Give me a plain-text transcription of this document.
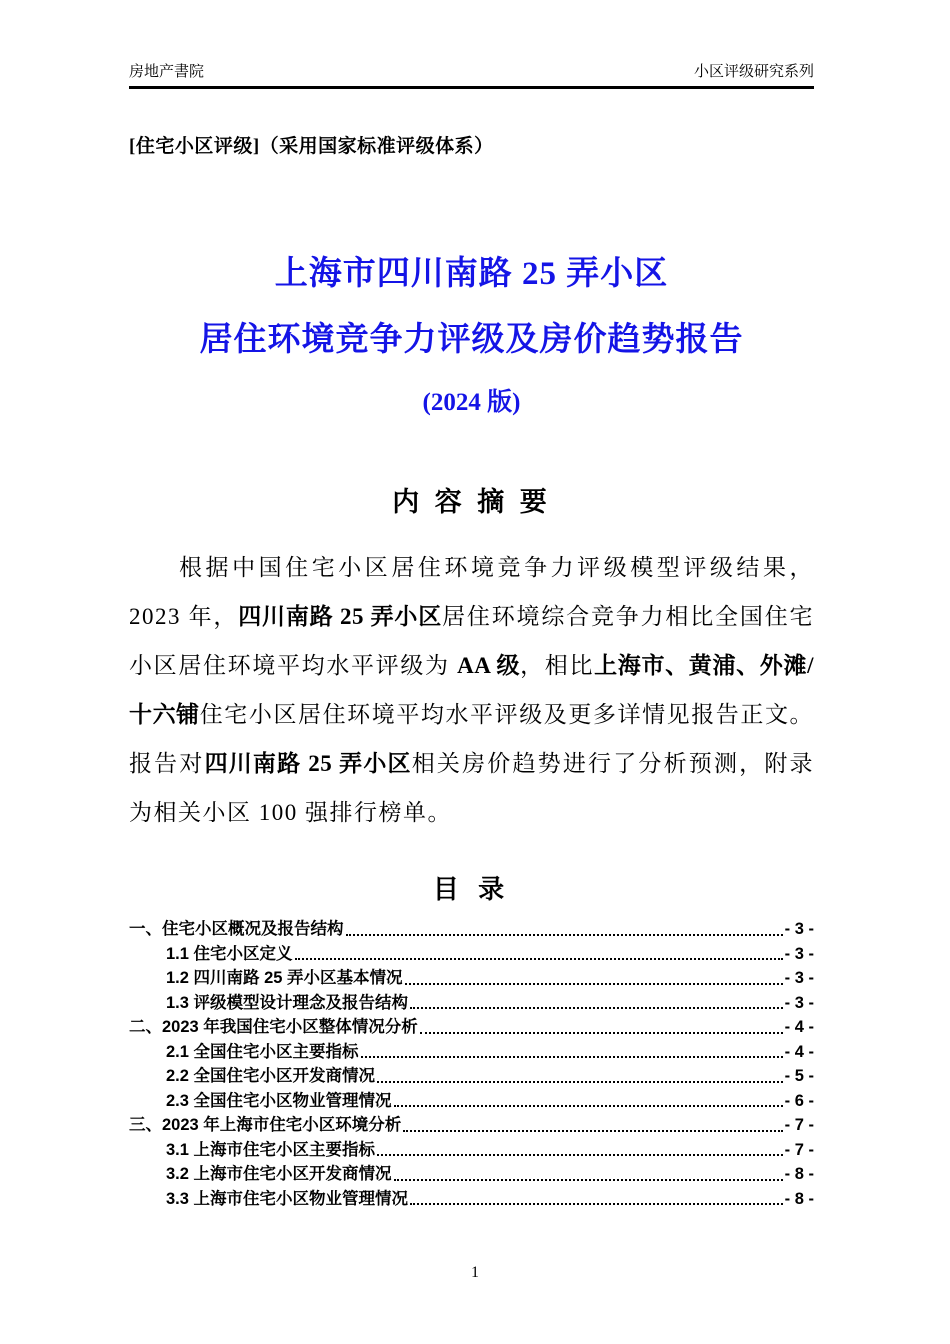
房地产書院	小区评级研究系列
[住宅小区评级]（采用国家标准评级体系）
上海市四川南路 25 弄小区
居住环境竞争力评级及房价趋势报告
(2024 版)
内 容 摘 要
根据中国住宅小区居住环境竞争力评级模型评级结果，2023 年，四川南路 25 弄小区居住环境综合竞争力相比全国住宅小区居住环境平均水平评级为 AA 级，相比上海市、黄浦、外滩/十六铺住宅小区居住环境平均水平评级及更多详情见报告正文。报告对四川南路 25 弄小区相关房价趋势进行了分析预测，附录为相关小区 100 强排行榜单。
目 录
一、住宅小区概况及报告结构	- 3 -
1.1 住宅小区定义	- 3 -
1.2 四川南路 25 弄小区基本情况	- 3 -
1.3 评级模型设计理念及报告结构	- 3 -
二、2023 年我国住宅小区整体情况分析	- 4 -
2.1 全国住宅小区主要指标	- 4 -
2.2 全国住宅小区开发商情况	- 5 -
2.3 全国住宅小区物业管理情况	- 6 -
三、2023 年上海市住宅小区环境分析	- 7 -
3.1 上海市住宅小区主要指标	- 7 -
3.2 上海市住宅小区开发商情况	- 8 -
3.3 上海市住宅小区物业管理情况	- 8 -
1
